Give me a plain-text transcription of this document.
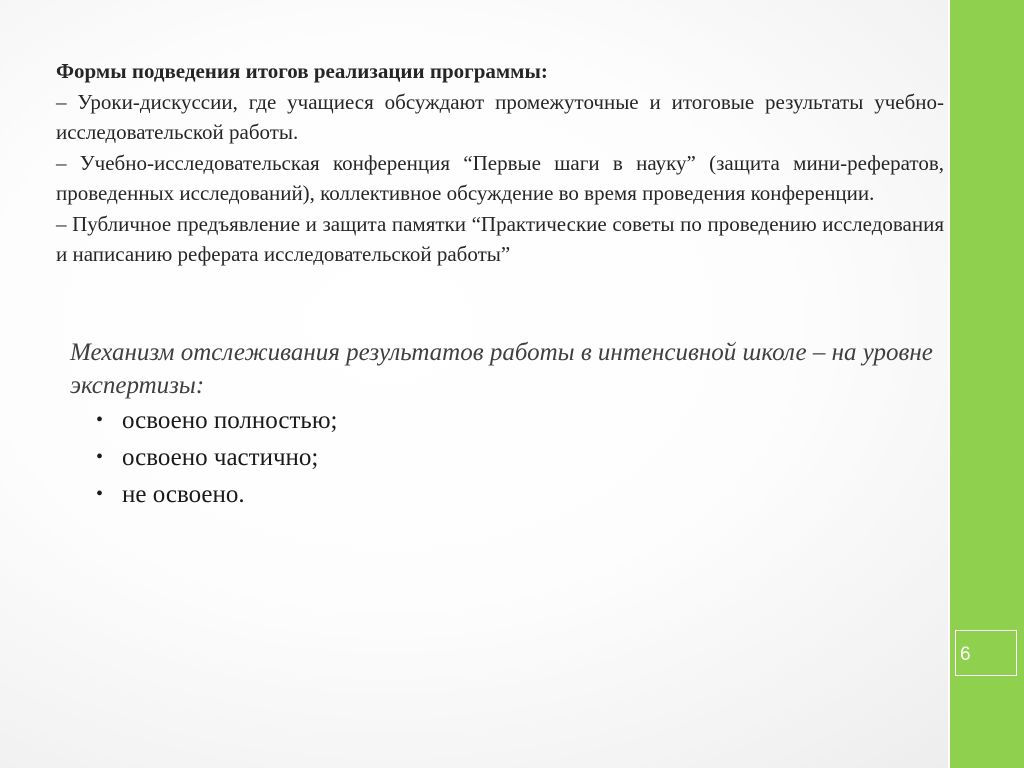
Формы подведения итогов реализации программы:

– Уроки-дискуссии, где учащиеся обсуждают промежуточные и итоговые результаты учебно-исследовательской работы.

– Учебно-исследовательская конференция “Первые шаги в науку” (защита мини-рефератов, проведенных исследований), коллективное обсуждение во время проведения конференции.

– Публичное предъявление и защита памятки “Практические советы по проведению исследования и написанию реферата исследовательской работы”

Механизм отслеживания результатов работы в интенсивной школе – на уровне экспертизы:

• освоено полностью;
• освоено частично;
• не освоено.
6
